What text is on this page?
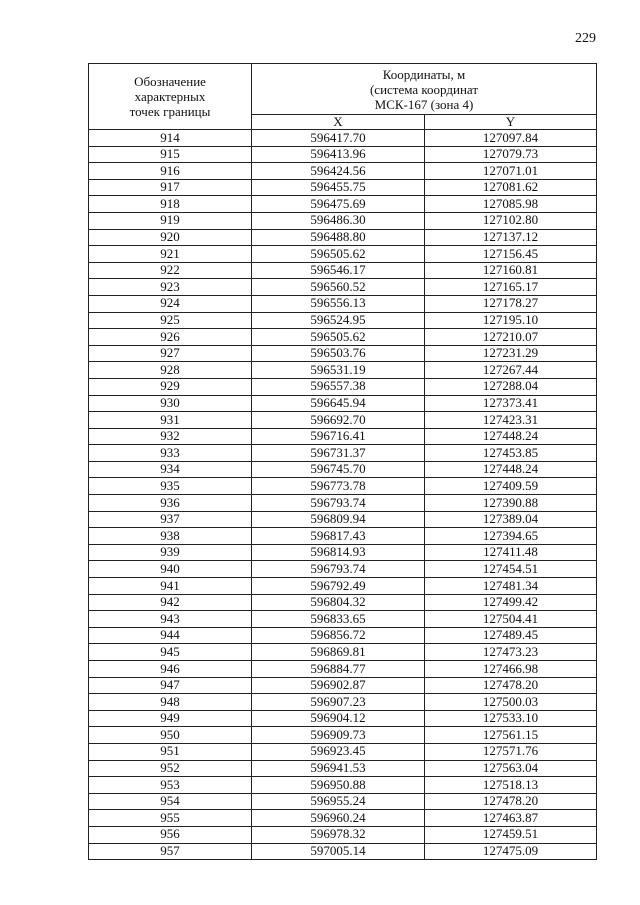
229
Обозначение
характерных
точек границы	Координаты, м
(система координат
МСК-167 (зона 4)	

	X	Y
914	596417.70	127097.84
915	596413.96	127079.73
916	596424.56	127071.01
917	596455.75	127081.62
918	596475.69	127085.98
919	596486.30	127102.80
920	596488.80	127137.12
921	596505.62	127156.45
922	596546.17	127160.81
923	596560.52	127165.17
924	596556.13	127178.27
925	596524.95	127195.10
926	596505.62	127210.07
927	596503.76	127231.29
928	596531.19	127267.44
929	596557.38	127288.04
930	596645.94	127373.41
931	596692.70	127423.31
932	596716.41	127448.24
933	596731.37	127453.85
934	596745.70	127448.24
935	596773.78	127409.59
936	596793.74	127390.88
937	596809.94	127389.04
938	596817.43	127394.65
939	596814.93	127411.48
940	596793.74	127454.51
941	596792.49	127481.34
942	596804.32	127499.42
943	596833.65	127504.41
944	596856.72	127489.45
945	596869.81	127473.23
946	596884.77	127466.98
947	596902.87	127478.20
948	596907.23	127500.03
949	596904.12	127533.10
950	596909.73	127561.15
951	596923.45	127571.76
952	596941.53	127563.04
953	596950.88	127518.13
954	596955.24	127478.20
955	596960.24	127463.87
956	596978.32	127459.51
957	597005.14	127475.09
